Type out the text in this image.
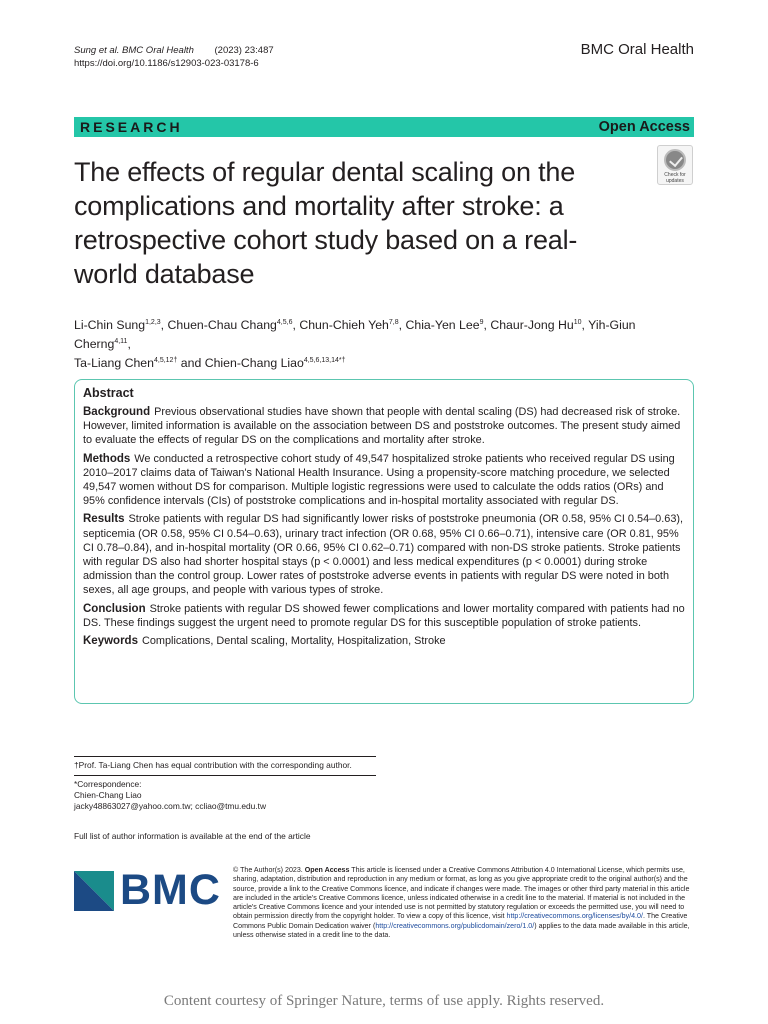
Sung et al. BMC Oral Health (2023) 23:487
https://doi.org/10.1186/s12903-023-03178-6
BMC Oral Health
RESEARCH	Open Access
The effects of regular dental scaling on the complications and mortality after stroke: a retrospective cohort study based on a real-world database
Check for updates
Li-Chin Sung$^{1,2,3}$, Chuen-Chau Chang$^{4,5,6}$, Chun-Chieh Yeh$^{7,8}$, Chia-Yen Lee$^9$, Chaur-Jong Hu$^{10}$, Yih-Giun Cherng$^{4,11}$,
Ta-Liang Chen$^{4,5,12\dagger}$ and Chien-Chang Liao$^{4,5,6,13,14*\dagger}$
Abstract

Background Previous observational studies have shown that people with dental scaling (DS) had decreased risk of stroke. However, limited information is available on the association between DS and poststroke outcomes. The present study aimed to evaluate the effects of regular DS on the complications and mortality after stroke.

Methods We conducted a retrospective cohort study of 49,547 hospitalized stroke patients who received regular DS using 2010–2017 claims data of Taiwan's National Health Insurance. Using a propensity-score matching procedure, we selected 49,547 women without DS for comparison. Multiple logistic regressions were used to calculate the odds ratios (ORs) and 95% confidence intervals (CIs) of poststroke complications and in-hospital mortality associated with regular DS.

Results Stroke patients with regular DS had significantly lower risks of poststroke pneumonia (OR 0.58, 95% CI 0.54–0.63), septicemia (OR 0.58, 95% CI 0.54–0.63), urinary tract infection (OR 0.68, 95% CI 0.66–0.71), intensive care (OR 0.81, 95% CI 0.78–0.84), and in-hospital mortality (OR 0.66, 95% CI 0.62–0.71) compared with non-DS stroke patients. Stroke patients with regular DS also had shorter hospital stays (p < 0.0001) and less medical expenditures (p < 0.0001) during stroke admission than the control group. Lower rates of poststroke adverse events in patients with regular DS were noted in both sexes, all age groups, and people with various types of stroke.

Conclusion Stroke patients with regular DS showed fewer complications and lower mortality compared with patients had no DS. These findings suggest the urgent need to promote regular DS for this susceptible population of stroke patients.

Keywords Complications, Dental scaling, Mortality, Hospitalization, Stroke

†Prof. Ta-Liang Chen has equal contribution with the corresponding author.
*Correspondence:
Chien-Chang Liao
jacky48863027@yahoo.com.tw; ccliao@tmu.edu.tw
Full list of author information is available at the end of the article
BMC © The Author(s) 2023. Open Access This article is licensed under a Creative Commons Attribution 4.0 International License, which permits use, sharing, adaptation, distribution and reproduction in any medium or format, as long as you give appropriate credit to the original author(s) and the source, provide a link to the Creative Commons licence, and indicate if changes were made. The images or other third party material in this article are included in the article's Creative Commons licence, unless indicated otherwise in a credit line to the material. If material is not included in the article's Creative Commons licence and your intended use is not permitted by statutory regulation or exceeds the permitted use, you will need to obtain permission directly from the copyright holder. To view a copy of this licence, visit http://creativecommons.org/licenses/by/4.0/. The Creative Commons Public Domain Dedication waiver (http://creativecommons.org/publicdomain/zero/1.0/) applies to the data made available in this article, unless otherwise stated in a credit line to the data.
Content courtesy of Springer Nature, terms of use apply. Rights reserved.
